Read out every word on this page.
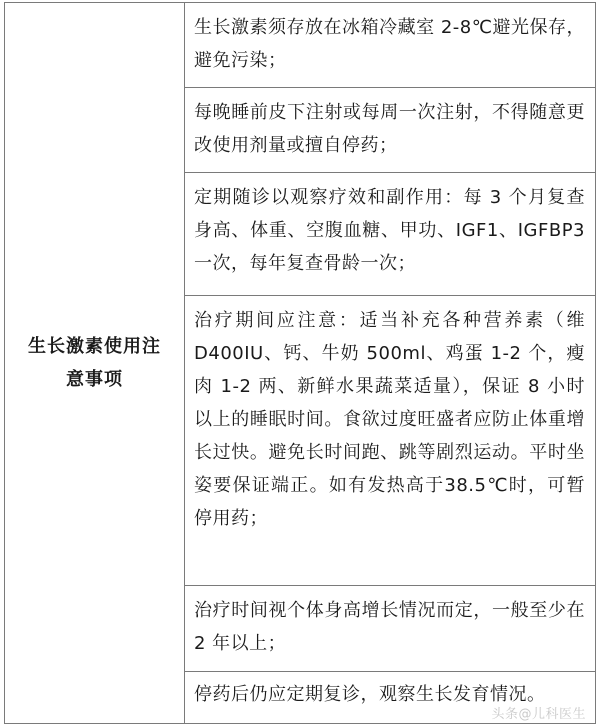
生长激素使用注意事项
生长激素须存放在冰箱冷藏室 2-8℃避光保存，避免污染；
每晚睡前皮下注射或每周一次注射，不得随意更改使用剂量或擅自停药；
定期随诊以观察疗效和副作用：每 3 个月复查身高、体重、空腹血糖、甲功、IGF1、IGFBP3一次，每年复查骨龄一次；
治疗期间应注意：适当补充各种营养素（维D400IU、钙、牛奶 500ml、鸡蛋 1-2 个，瘦肉 1-2 两、新鲜水果蔬菜适量），保证 8 小时以上的睡眠时间。食欲过度旺盛者应防止体重增长过快。避免长时间跑、跳等剧烈运动。平时坐姿要保证端正。如有发热高于38.5℃时，可暂停用药；
治疗时间视个体身高增长情况而定，一般至少在 2 年以上；
停药后仍应定期复诊，观察生长发育情况。
头条@儿科医生
